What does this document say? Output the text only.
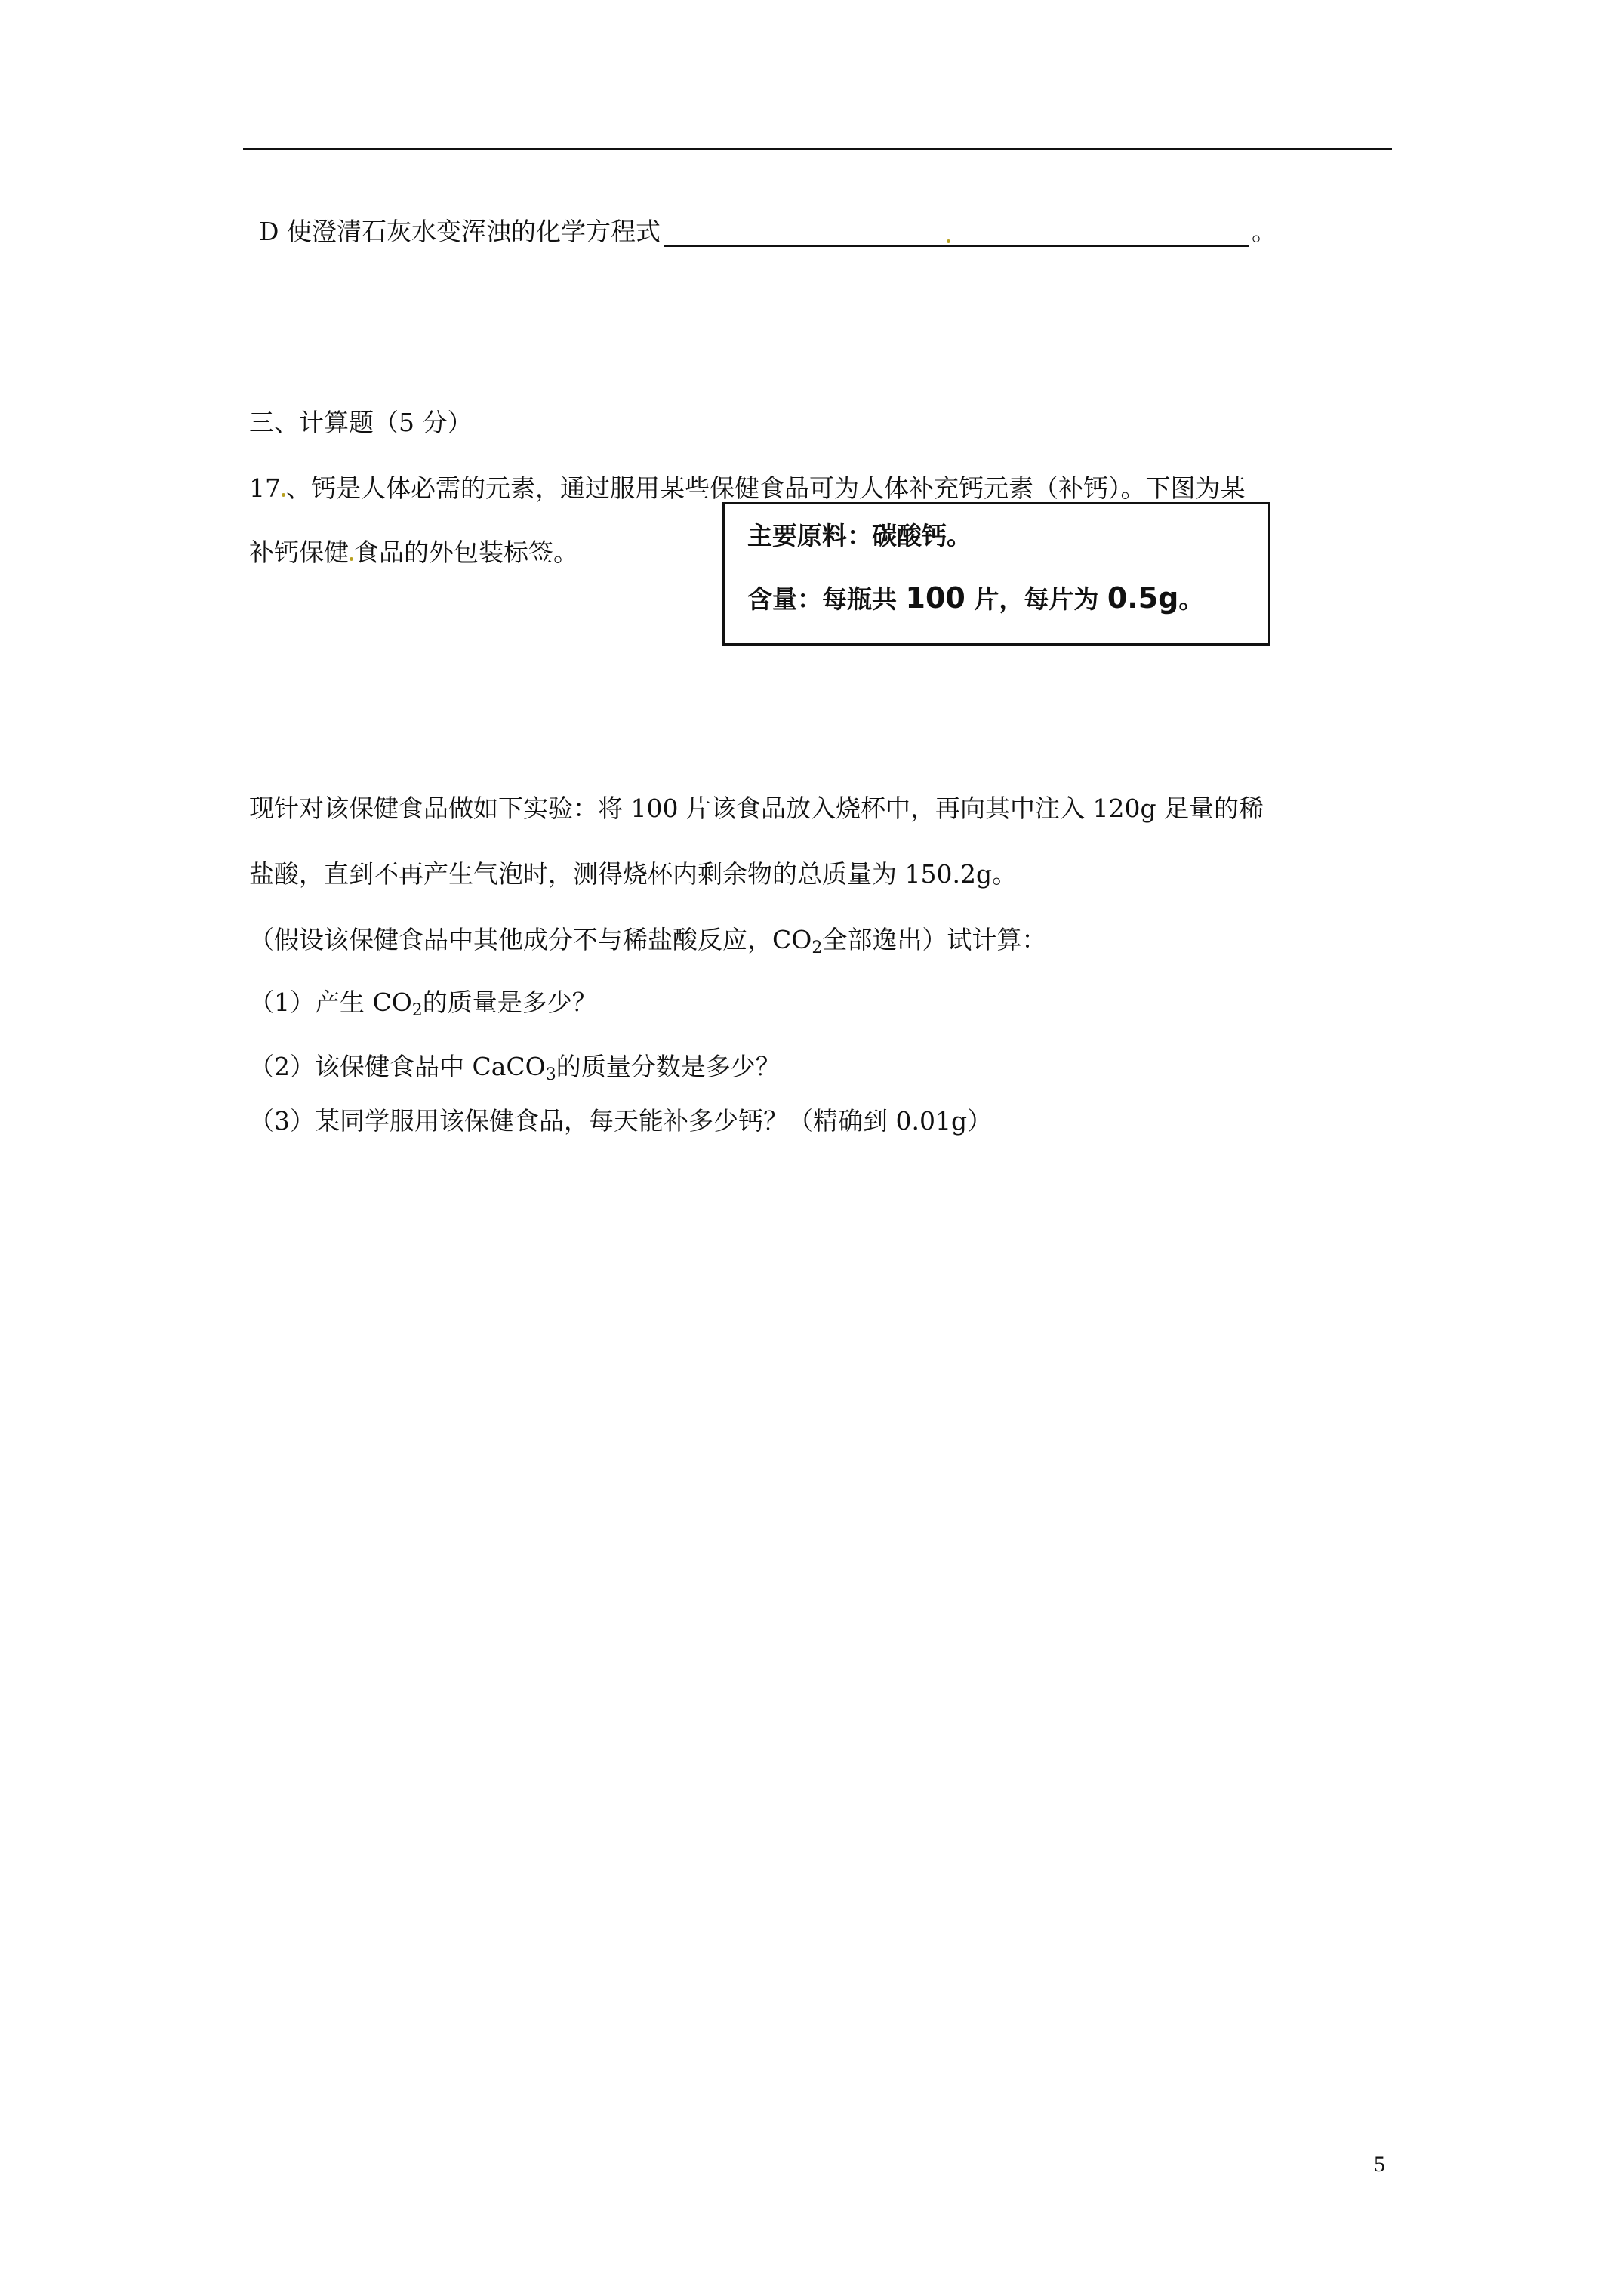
D 使澄清石灰水变浑浊的化学方程式	。
三、计算题（5 分）
17 、钙是人体必需的元素，通过服用某些保健食品可为人体补充钙元素（补钙）。下图为某
补钙保健 食品的外包装标签。
主要原料：碳酸钙。
含量：每瓶共 100 片，每片为 0.5g。
现针对该保健食品做如下实验：将 100 片该食品放入烧杯中，再向其中注入 120g 足量的稀
盐酸，直到不再产生气泡时，测得烧杯内剩余物的总质量为 150.2g。
（假设该保健食品中其他成分不与稀盐酸反应，$CO_2$全部逸出）试计算：
（1）产生 $CO_2$的质量是多少？
（2）该保健食品中 CaCO$_3$的质量分数是多少？
（3）某同学服用该保健食品，每天能补多少钙？（精确到 0.01g）
5
